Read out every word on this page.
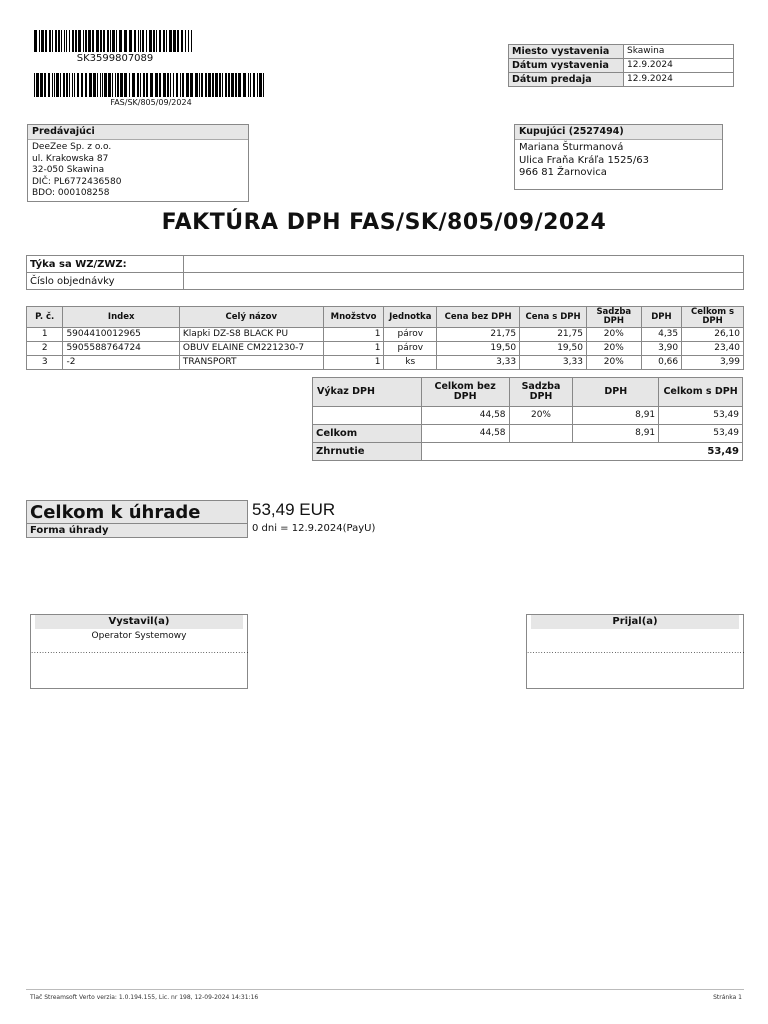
SK3599807089
FAS/SK/805/09/2024
Miesto vystavenia	Skawina
Dátum vystavenia	12.9.2024
Dátum predaja	12.9.2024
Predávajúci
DeeZee Sp. z o.o.
ul. Krakowska 87
32-050 Skawina
DIČ: PL6772436580
BDO: 000108258
Kupujúci (2527494)
Mariana Šturmanová
Ulica Fraňa Kráľa 1525/63
966 81 Žarnovica
FAKTÚRA DPH FAS/SK/805/09/2024
Týka sa WZ/ZWZ:	
Číslo objednávky	
P. č.	Index	Celý názov	Množstvo	Jednotka	Cena bez DPH	Cena s DPH	Sadzba DPH	DPH	Celkom s DPH
1	5904410012965	Klapki DZ-S8 BLACK PU	1	párov	21,75	21,75	20%	4,35	26,10
2	5905588764724	OBUV ELAINE CM221230-7	1	párov	19,50	19,50	20%	3,90	23,40
3	-2	TRANSPORT	1	ks	3,33	3,33	20%	0,66	3,99
Výkaz DPH	Celkom bez DPH	Sadzba DPH	DPH	Celkom s DPH
	44,58	20%	8,91	53,49
Celkom	44,58		8,91	53,49
Zhrnutie	53,49			
Celkom k úhrade
Forma úhrady
53,49 EUR
0 dni = 12.9.2024(PayU)
Vystavil(a)
Operator Systemowy
................................................................................
Prijal(a)

................................................................................
Tlač Streamsoft Verto verzia: 1.0.194.155, Lic. nr 198, 12-09-2024 14:31:16	Stránka 1
